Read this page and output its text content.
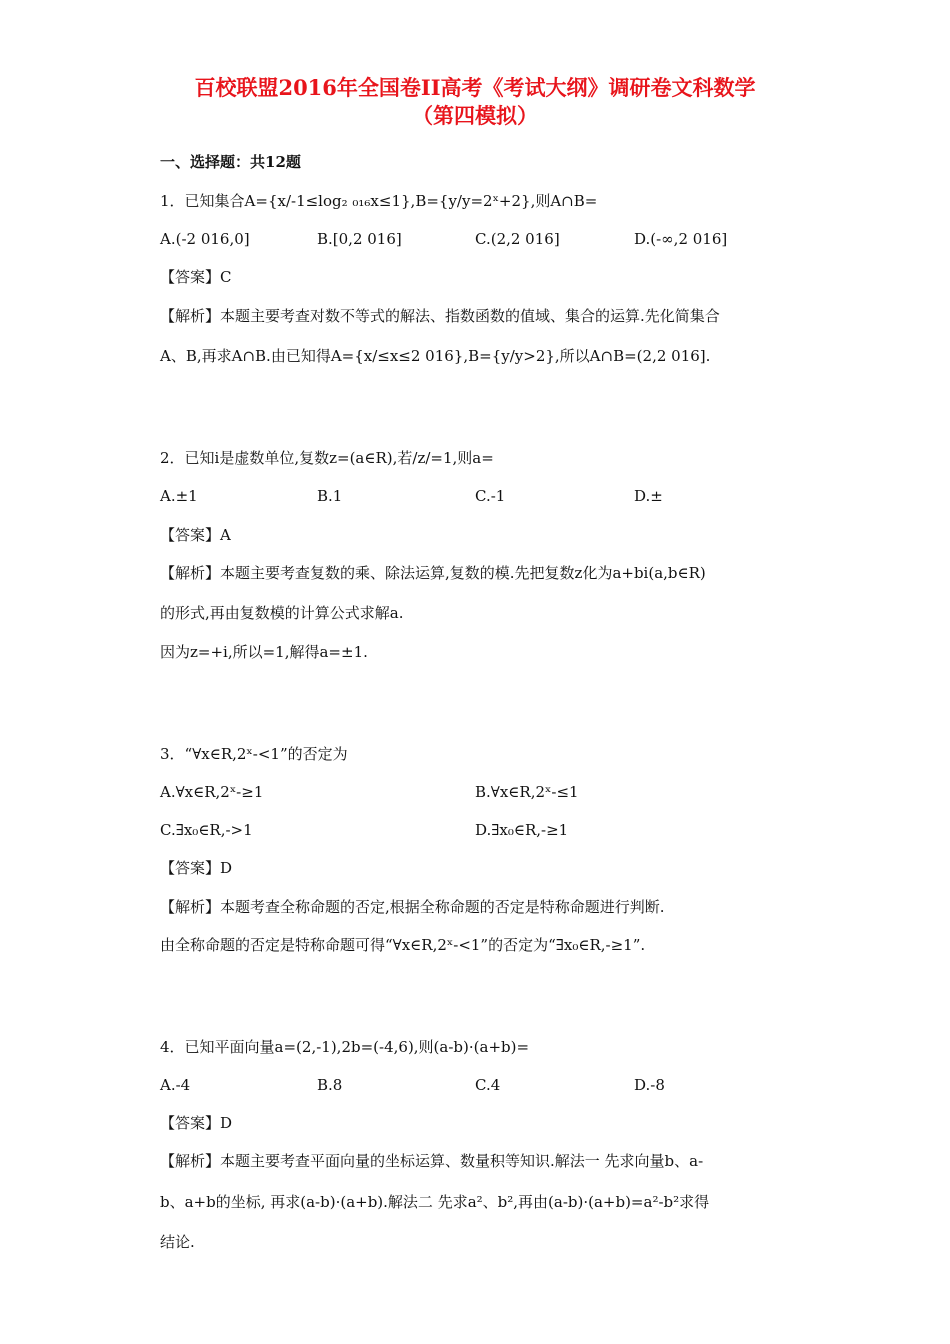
百校联盟2016年全国卷II高考《考试大纲》调研卷文科数学
（第四模拟）
一、选择题：共12题
1．已知集合A={x/-1≤log₂ ₀₁₆x≤1},B={y/y=2ˣ+2},则A∩B=
A.(-2 016,0]	B.[0,2 016]	C.(2,2 016]	D.(-∞,2 016]
【答案】C
【解析】本题主要考查对数不等式的解法、指数函数的值域、集合的运算.先化简集合
A、B,再求A∩B.由已知得A={x/≤x≤2 016},B={y/y>2},所以A∩B=(2,2 016].
2．已知i是虚数单位,复数z=(a∈R),若/z/=1,则a=
A.±1	B.1	C.-1	D.±
【答案】A
【解析】本题主要考查复数的乘、除法运算,复数的模.先把复数z化为a+bi(a,b∈R)
的形式,再由复数模的计算公式求解a.
因为z=+i,所以=1,解得a=±1.
3．“∀x∈R,2ˣ-<1”的否定为
A.∀x∈R,2ˣ-≥1	B.∀x∈R,2ˣ-≤1
C.∃x₀∈R,->1	D.∃x₀∈R,-≥1
【答案】D
【解析】本题考查全称命题的否定,根据全称命题的否定是特称命题进行判断.
由全称命题的否定是特称命题可得“∀x∈R,2ˣ-<1”的否定为“∃x₀∈R,-≥1”.
4．已知平面向量a=(2,-1),2b=(-4,6),则(a-b)·(a+b)=
A.-4	B.8	C.4	D.-8
【答案】D
【解析】本题主要考查平面向量的坐标运算、数量积等知识.解法一 先求向量b、a-
b、a+b的坐标, 再求(a-b)·(a+b).解法二 先求a²、b²,再由(a-b)·(a+b)=a²-b²求得
结论.
